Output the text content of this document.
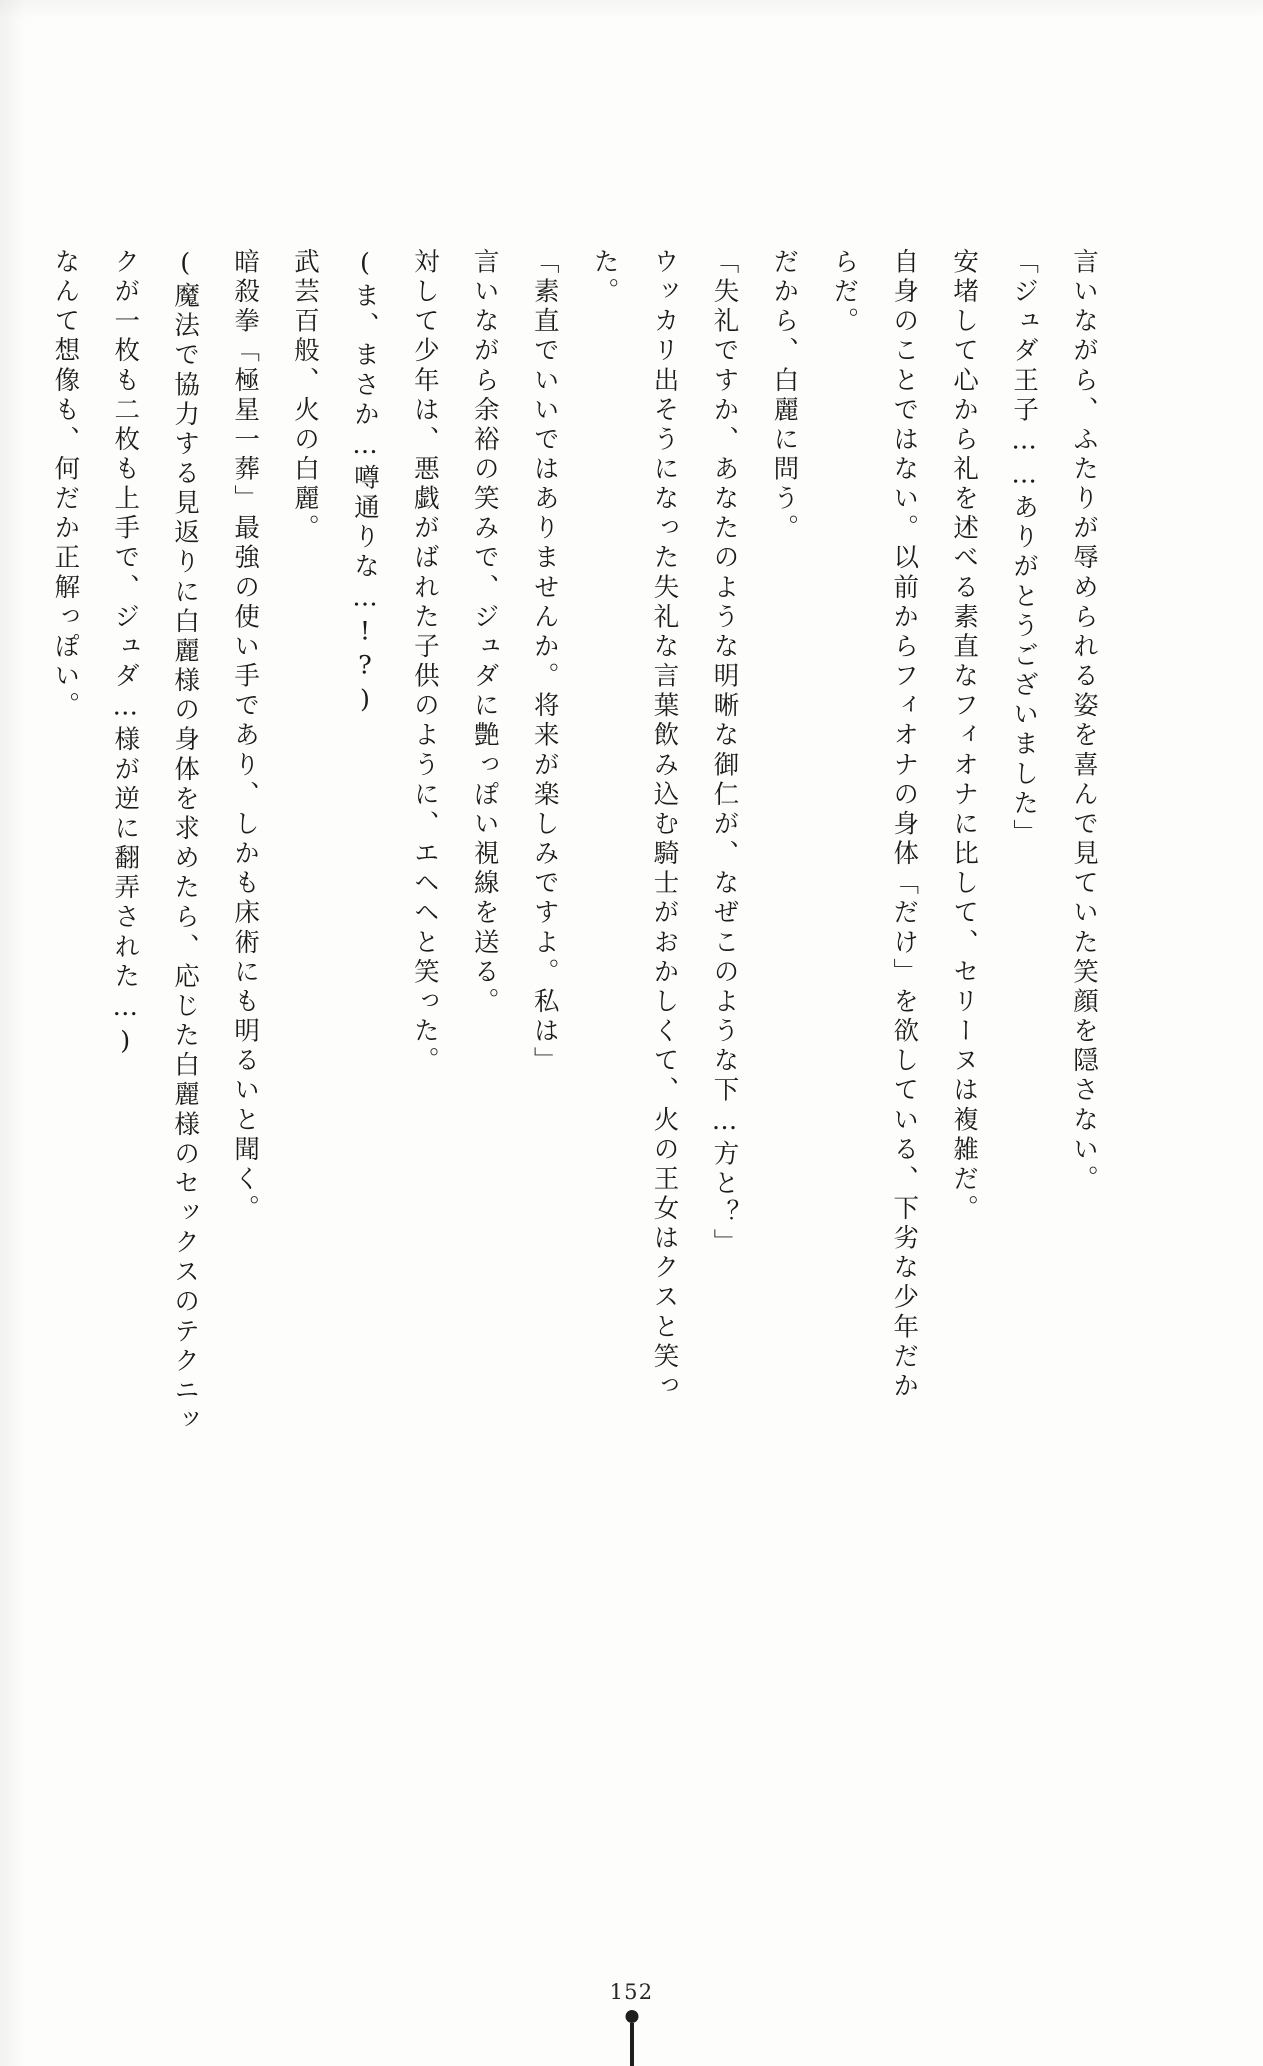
言いながら、ふたりが辱められる姿を喜んで見ていた笑顔を隠さない。

「ジュダ王子……ありがとうございました」

安堵して心から礼を述べる素直なフィオナに比して、セリーヌは複雑だ。

自身のことではない。以前からフィオナの身体「だけ」を欲している、下劣な少年だか

らだ。

だから、白麗に問う。

「失礼ですか、あなたのような明晰な御仁が、なぜこのような下…方と？」

ウッカリ出そうになった失礼な言葉飲み込む騎士がおかしくて、火の王女はクスと笑っ

た。

「素直でいいではありませんか。将来が楽しみですよ。私は」

言いながら余裕の笑みで、ジュダに艶っぽい視線を送る。

対して少年は、悪戯がばれた子供のように、エヘヘと笑った。

(ま、まさか…噂通りな…!?)

武芸百般、火の白麗。

暗殺拳「極星一葬」最強の使い手であり、しかも床術にも明るいと聞く。

(魔法で協力する見返りに白麗様の身体を求めたら、応じた白麗様のセックスのテクニッ

クが一枚も二枚も上手で、ジュダ…様が逆に翻弄された…)

なんて想像も、何だか正解っぽい。

152
